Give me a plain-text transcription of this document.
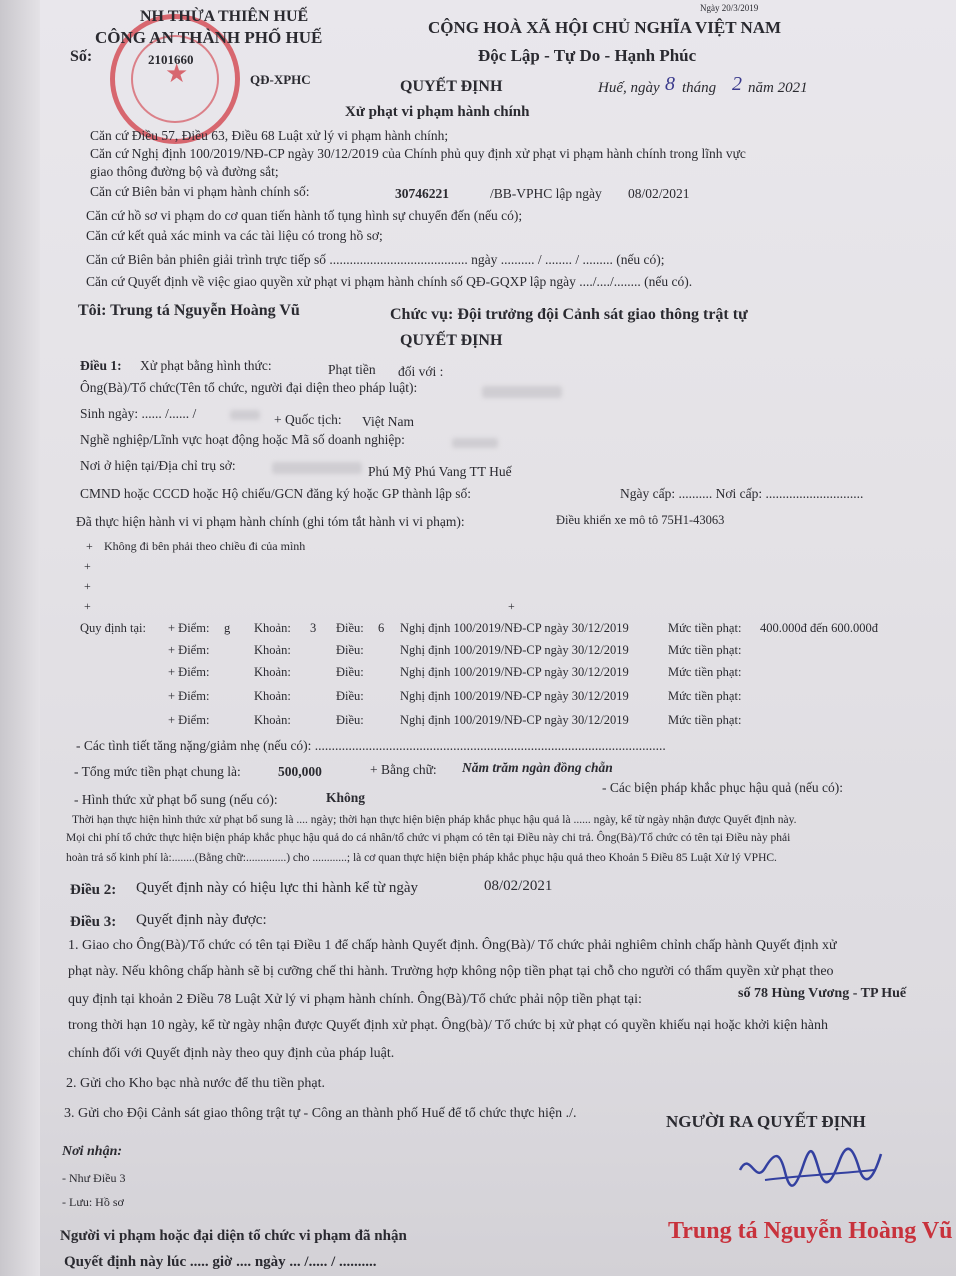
★
NH THỪA THIÊN HUẾ
CÔNG AN THÀNH PHỐ HUẾ
Số:	2101660
QĐ-XPHC
Ngày 20/3/2019
CỘNG HOÀ XÃ HỘI CHỦ NGHĨA VIỆT NAM
Độc Lập - Tự Do - Hạnh Phúc
Huế, ngày 8 tháng 2 năm 2021
QUYẾT ĐỊNH
Xử phạt vi phạm hành chính
Căn cứ Điều 57, Điều 63, Điều 68 Luật xử lý vi phạm hành chính;
Căn cứ Nghị định 100/2019/NĐ-CP ngày 30/12/2019 của Chính phủ quy định xử phạt vi phạm hành chính trong lĩnh vực
giao thông đường bộ và đường sắt;
Căn cứ Biên bản vi phạm hành chính số:	30746221	/BB-VPHC lập ngày 08/02/2021
Căn cứ hồ sơ vi phạm do cơ quan tiến hành tố tụng hình sự chuyển đến (nếu có);
Căn cứ kết quả xác minh va các tài liệu có trong hồ sơ;
Căn cứ Biên bản phiên giải trình trực tiếp số ......................................... ngày .......... / ........ / ......... (nếu có);
Căn cứ Quyết định về việc giao quyền xử phạt vi phạm hành chính số QĐ-GQXP lập ngày ..../..../........ (nếu có).
Tôi: Trung tá Nguyễn Hoàng Vũ	Chức vụ: Đội trưởng đội Cảnh sát giao thông trật tự
QUYẾT ĐỊNH
Điều 1: Xử phạt bằng hình thức:	Phạt tiền đối với :
Ông(Bà)/Tổ chức(Tên tổ chức, người đại diện theo pháp luật):
Sinh ngày: ...... /...... /	+ Quốc tịch: Việt Nam
Nghề nghiệp/Lĩnh vực hoạt động hoặc Mã số doanh nghiệp:
Nơi ở hiện tại/Địa chỉ trụ sở:	Phú Mỹ Phú Vang TT Huế
CMND hoặc CCCD hoặc Hộ chiếu/GCN đăng ký hoặc GP thành lập số:	Ngày cấp: .......... Nơi cấp: .............................
Đã thực hiện hành vi vi phạm hành chính (ghi tóm tắt hành vi vi phạm):	Điều khiển xe mô tô 75H1-43063
+ Không đi bên phải theo chiều đi của mình
+
+
+	+
Quy định tại: + Điểm: g Khoản: 3 Điều: 6 Nghị định 100/2019/NĐ-CP ngày 30/12/2019	Mức tiền phạt: 400.000đ đến 600.000đ
+ Điểm:	Khoản:	Điều:	Nghị định 100/2019/NĐ-CP ngày 30/12/2019	Mức tiền phạt:
+ Điểm:	Khoản:	Điều:	Nghị định 100/2019/NĐ-CP ngày 30/12/2019	Mức tiền phạt:
+ Điểm:	Khoản:	Điều:	Nghị định 100/2019/NĐ-CP ngày 30/12/2019	Mức tiền phạt:
+ Điểm:	Khoản:	Điều:	Nghị định 100/2019/NĐ-CP ngày 30/12/2019	Mức tiền phạt:
- Các tình tiết tăng nặng/giảm nhẹ (nếu có): ........................................................................................................
- Tổng mức tiền phạt chung là:	500,000	+ Bằng chữ: Năm trăm ngàn đồng chẵn
- Các biện pháp khắc phục hậu quả (nếu có):
- Hình thức xử phạt bổ sung (nếu có):	Không
Thời hạn thực hiện hình thức xử phạt bổ sung là .... ngày; thời hạn thực hiện biện pháp khắc phục hậu quả là ...... ngày, kể từ ngày nhận được Quyết định này.
Mọi chi phí tổ chức thực hiện biện pháp khắc phục hậu quả do cá nhân/tổ chức vi phạm có tên tại Điều này chi trả. Ông(Bà)/Tổ chức có tên tại Điều này phải
hoàn trả số kinh phí là:........(Bằng chữ:..............) cho ............; là cơ quan thực hiện biện pháp khắc phục hậu quả theo Khoản 5 Điều 85 Luật Xử lý VPHC.
Điều 2: Quyết định này có hiệu lực thi hành kể từ ngày	08/02/2021
Điều 3: Quyết định này được:
1. Giao cho Ông(Bà)/Tổ chức có tên tại Điều 1 để chấp hành Quyết định. Ông(Bà)/ Tổ chức phải nghiêm chỉnh chấp hành Quyết định xử
phạt này. Nếu không chấp hành sẽ bị cưỡng chế thi hành. Trường hợp không nộp tiền phạt tại chỗ cho người có thẩm quyền xử phạt theo
quy định tại khoản 2 Điều 78 Luật Xử lý vi phạm hành chính. Ông(Bà)/Tổ chức phải nộp tiền phạt tại:	số 78 Hùng Vương - TP Huế
trong thời hạn 10 ngày, kể từ ngày nhận được Quyết định xử phạt. Ông(bà)/ Tổ chức bị xử phạt có quyền khiếu nại hoặc khởi kiện hành
chính đối với Quyết định này theo quy định của pháp luật.
2. Gửi cho Kho bạc nhà nước để thu tiền phạt.
3. Gửi cho Đội Cảnh sát giao thông trật tự - Công an thành phố Huế để tổ chức thực hiện ./.
Nơi nhận:
- Như Điều 3
- Lưu: Hồ sơ
NGƯỜI RA QUYẾT ĐỊNH
Trung tá Nguyễn Hoàng Vũ
Người vi phạm hoặc đại diện tổ chức vi phạm đã nhận
Quyết định này lúc ..... giờ .... ngày ... /..... / ..........
